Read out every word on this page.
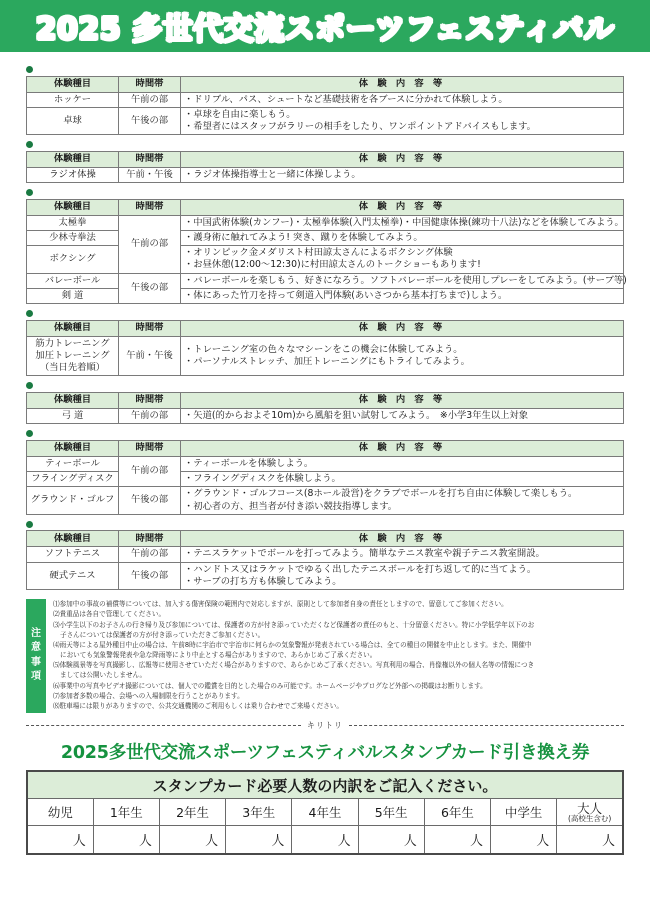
2025 多世代交流スポーツフェスティバル
体験種目	時間帯	体 験 内 容 等

ホッケー	午前の部	・ドリブル、パス、シュートなど基礎技術を各ブースに分かれて体験しよう。

卓球	午後の部	・卓球を自由に楽しもう。
・希望者にはスタッフがラリーの相手をしたり、ワンポイントアドバイスもします。
体験種目	時間帯	体 験 内 容 等

ラジオ体操	午前・午後	・ラジオ体操指導士と一緒に体操しよう。
体験種目	時間帯	体 験 内 容 等

太極拳	午前の部	・中国武術体験(カンフー)・太極拳体験(入門太極拳)・中国健康体操(練功十八法)などを体験してみよう。

少林寺拳法		・護身術に触れてみよう! 突き、蹴りを体験してみよう。

ボクシング		・オリンピック金メダリスト村田諒太さんによるボクシング体験
・お昼休憩(12:00〜12:30)に村田諒太さんのトークショーもあります!

バレーボール	午後の部	・バレーボールを楽しもう、好きになろう。ソフトバレーボールを使用しプレーをしてみよう。(サーブ等)

剣 道		・体にあった竹刀を持って剣道入門体験(あいさつから基本打ちまで)しよう。
体験種目	時間帯	体 験 内 容 等

筋力トレーニング
加圧トレーニング
（当日先着順）	午前・午後	・トレーニング室の色々なマシーンをこの機会に体験してみよう。
・パーソナルストレッチ、加圧トレーニングにもトライしてみよう。
体験種目	時間帯	体 験 内 容 等

弓 道	午前の部	・矢道(的からおよそ10m)から風船を狙い試射してみよう。　※小学3年生以上対象
体験種目	時間帯	体 験 内 容 等

ティーボール	午前の部	・ティーボールを体験しよう。

フライングディスク		・フライングディスクを体験しよう。

グラウンド・ゴルフ	午後の部	・グラウンド・ゴルフコース(8ホール設営)をクラブでボールを打ち自由に体験して楽しもう。
・初心者の方、担当者が付き添い競技指導します。
体験種目	時間帯	体 験 内 容 等

ソフトテニス	午前の部	・テニスラケットでボールを打ってみよう。簡単なテニス教室や親子テニス教室開設。

硬式テニス	午後の部	・ハンドトス又はラケットでゆるく出したテニスボールを打ち返して的に当てよう。
・サーブの打ち方も体験してみよう。
注
意
事
項
⑴参加中の事故の補償等については、加入する傷害保険の範囲内で対応しますが、原則として参加者自身の責任としますので、留意してご参加ください。
⑵貴重品は各自で管理してください。
⑶小学生以下のお子さんの行き帰り及び参加については、保護者の方が付き添っていただくなど保護者の責任のもと、十分留意ください。特に小学低学年以下のお
子さんについては保護者の方が付き添っていただきご参加ください。
⑷雨天等による屋外種目中止の場合は、午前8時に宇治市で宇治市に何らかの気象警報が発表されている場合は、全ての種目の開催を中止とします。また、開催中
においても気象警報発表や急な降雨等により中止とする場合がありますので、あらかじめご了承ください。
⑸体験風景等を写真撮影し、広報等に使用させていただく場合がありますので、あらかじめご了承ください。写真利用の場合、肖像権以外の個人名等の情報につき
ましては公開いたしません。
⑹事業中の写真やビデオ撮影については、個人での鑑賞を目的とした場合のみ可能です。ホームページやブログなど外部への掲載はお断りします。
⑺参加者多数の場合、会場への入場制限を行うことがあります。
⑻駐車場には限りがありますので、公共交通機関のご利用もしくは乗り合わせでご来場ください。
キリトリ
2025多世代交流スポーツフェスティバルスタンプカード引き換え券
スタンプカード必要人数の内訳をご記入ください。								
幼児	1年生	2年生	3年生	4年生	5年生	6年生	中学生	大人
(高校生含む)

人	人	人	人	人	人	人	人	人
